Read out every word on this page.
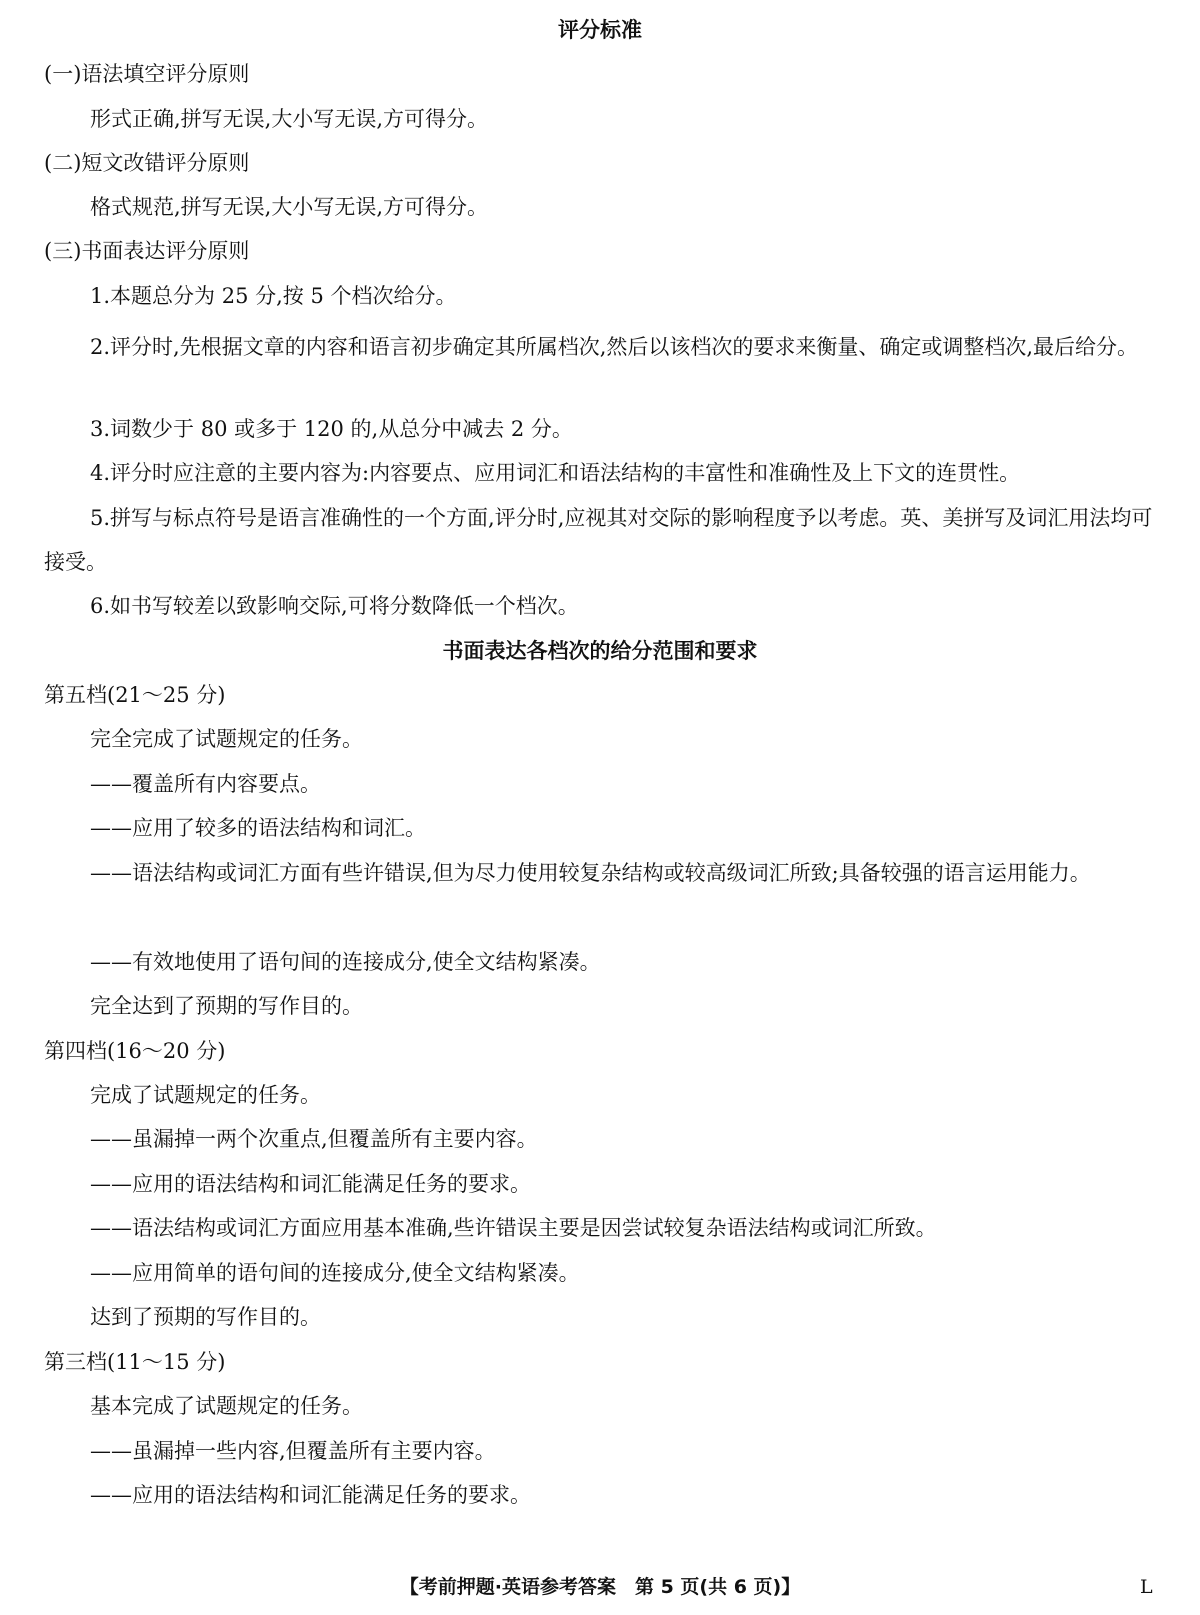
评分标准
(一)语法填空评分原则
形式正确,拼写无误,大小写无误,方可得分。
(二)短文改错评分原则
格式规范,拼写无误,大小写无误,方可得分。
(三)书面表达评分原则
1.本题总分为 25 分,按 5 个档次给分。
2.评分时,先根据文章的内容和语言初步确定其所属档次,然后以该档次的要求来衡量、确定或调整档次,最后给分。
3.词数少于 80 或多于 120 的,从总分中减去 2 分。
4.评分时应注意的主要内容为:内容要点、应用词汇和语法结构的丰富性和准确性及上下文的连贯性。
5.拼写与标点符号是语言准确性的一个方面,评分时,应视其对交际的影响程度予以考虑。英、美拼写及词汇用法均可接受。
6.如书写较差以致影响交际,可将分数降低一个档次。
书面表达各档次的给分范围和要求
第五档(21～25 分)
完全完成了试题规定的任务。
——覆盖所有内容要点。
——应用了较多的语法结构和词汇。
——语法结构或词汇方面有些许错误,但为尽力使用较复杂结构或较高级词汇所致;具备较强的语言运用能力。
——有效地使用了语句间的连接成分,使全文结构紧凑。
完全达到了预期的写作目的。
第四档(16～20 分)
完成了试题规定的任务。
——虽漏掉一两个次重点,但覆盖所有主要内容。
——应用的语法结构和词汇能满足任务的要求。
——语法结构或词汇方面应用基本准确,些许错误主要是因尝试较复杂语法结构或词汇所致。
——应用简单的语句间的连接成分,使全文结构紧凑。
达到了预期的写作目的。
第三档(11～15 分)
基本完成了试题规定的任务。
——虽漏掉一些内容,但覆盖所有主要内容。
——应用的语法结构和词汇能满足任务的要求。
【考前押题·英语参考答案　第 5 页(共 6 页)】	L
